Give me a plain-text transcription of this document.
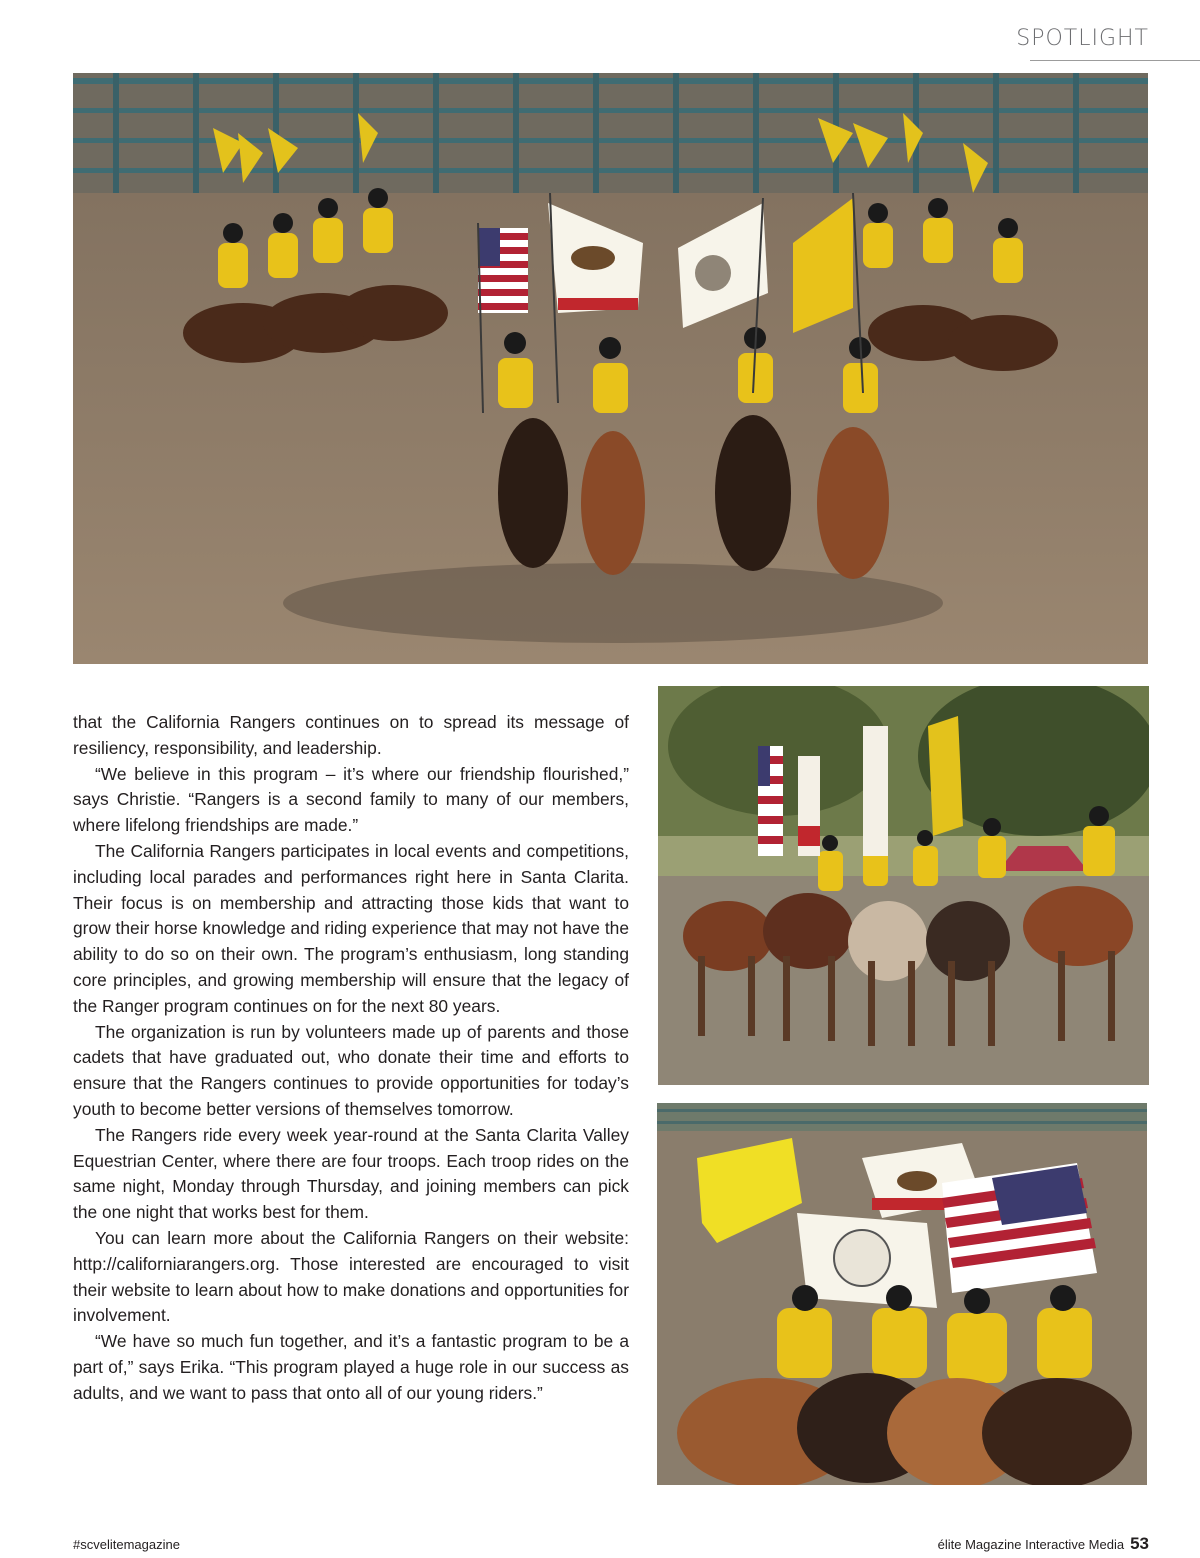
SPOTLIGHT

that the California Rangers continues on to spread its message of resiliency, responsibility, and leadership.

“We believe in this program – it’s where our friendship flourished,” says Christie. “Rangers is a second family to many of our members, where lifelong friendships are made.”

The California Rangers participates in local events and competitions, including local parades and performances right here in Santa Clarita. Their focus is on membership and attracting those kids that want to grow their horse knowledge and riding experience that may not have the ability to do so on their own. The program’s enthusiasm, long standing core principles, and growing membership will ensure that the legacy of the Ranger program continues on for the next 80 years.

The organization is run by volunteers made up of parents and those cadets that have graduated out, who donate their time and efforts to ensure that the Rangers continues to provide opportunities for today’s youth to become better versions of themselves tomorrow.

The Rangers ride every week year-round at the Santa Clarita Valley Equestrian Center, where there are four troops. Each troop rides on the same night, Monday through Thursday, and joining members can pick the one night that works best for them.

You can learn more about the California Rangers on their website: http://californiarangers.org. Those interested are encouraged to visit their website to learn about how to make donations and opportunities for involvement.

“We have so much fun together, and it’s a fantastic program to be a part of,” says Erika. “This program played a huge role in our success as adults, and we want to pass that onto all of our young riders.”

#scvelitemagazine	élite Magazine Interactive Media 53
